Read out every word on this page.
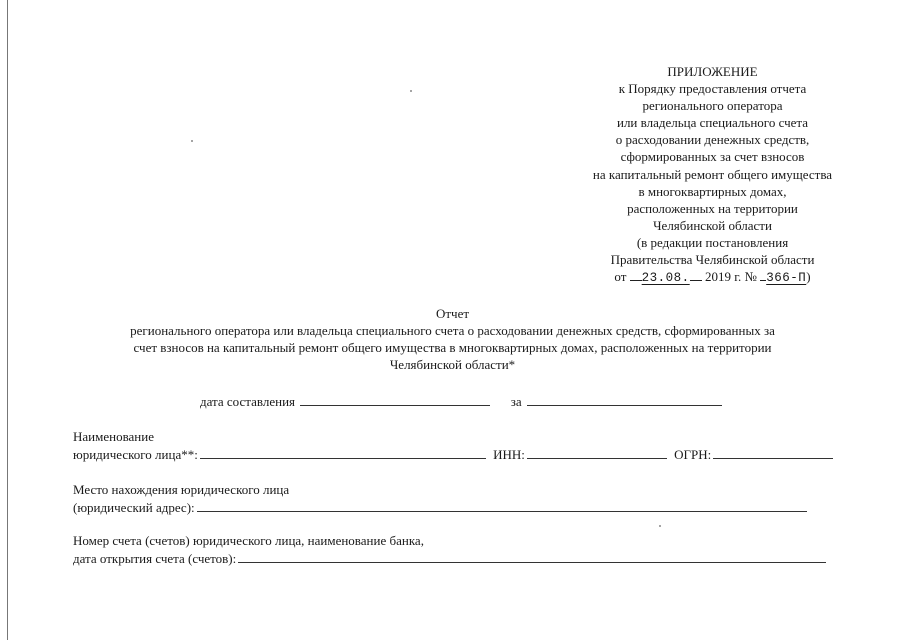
ПРИЛОЖЕНИЕ
к Порядку предоставления отчета
регионального оператора
или владельца специального счета
о расходовании денежных средств,
сформированных за счет взносов
на капитальный ремонт общего имущества
в многоквартирных домах,
расположенных на территории
Челябинской области
(в редакции постановления
Правительства Челябинской области
от 23.08. 2019 г. № 366-П)
Отчет
регионального оператора или владельца специального счета о расходовании денежных средств, сформированных за
счет взносов на капитальный ремонт общего имущества в многоквартирных домах, расположенных на территории
Челябинской области*
дата составления	за
Наименование
юридического лица**:	ИНН:	ОГРН:
Место нахождения юридического лица
(юридический адрес):
Номер счета (счетов) юридического лица, наименование банка,
дата открытия счета (счетов):
